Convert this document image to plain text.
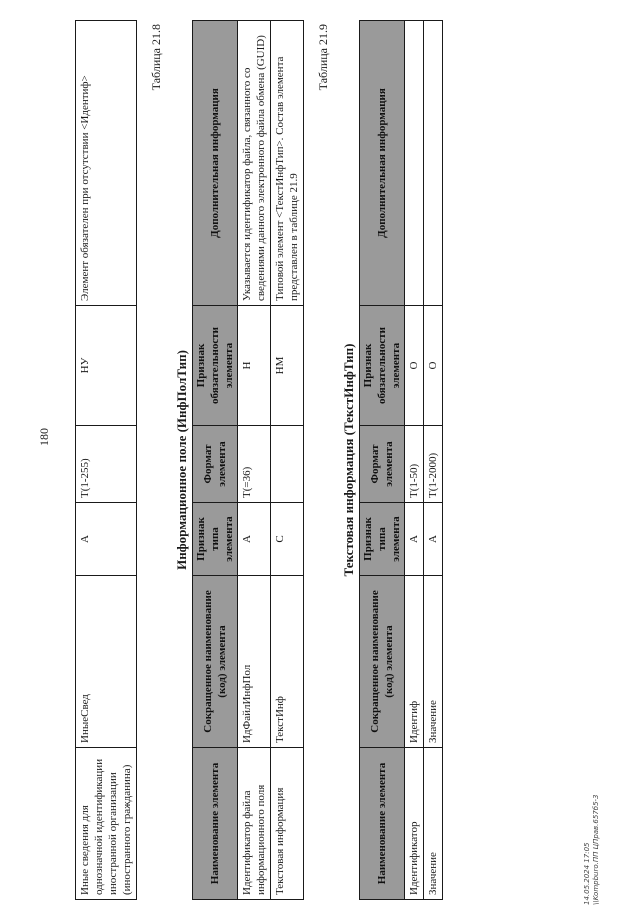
180
Иные сведения для однозначной идентификации иностранной организации (иностранного гражданина)	ИныеСвед	А	Т(1-255)	НУ	Элемент обязателен при отсутствии <Идентиф>
Таблица 21.8
Информационное поле (ИнфПолТип)
Наименование элемента	Сокращенное наименование (код) элемента	Признак типа элемента	Формат элемента	Признак обязательности элемента	Дополнительная информация
Идентификатор файла информационного поля	ИдФайлИнфПол	А	Т(=36)	Н	Указывается идентификатор файла, связанного со сведениями данного электронного файла обмена (GUID)
Текстовая информация	ТекстИнф	С		НМ	Типовой элемент <ТекстИнфТип>. Состав элемента представлен в таблице 21.9
Таблица 21.9
Текстовая информация (ТекстИнфТип)
Наименование элемента	Сокращенное наименование (код) элемента	Признак типа элемента	Формат элемента	Признак обязательности элемента	Дополнительная информация
Идентификатор	Идентиф	А	Т(1-50)	О	
Значение	Значение	А	Т(1-2000)	О	
14.05.2024 17:05 \\Kompburo.ПП ЦПрав.657б5-3
